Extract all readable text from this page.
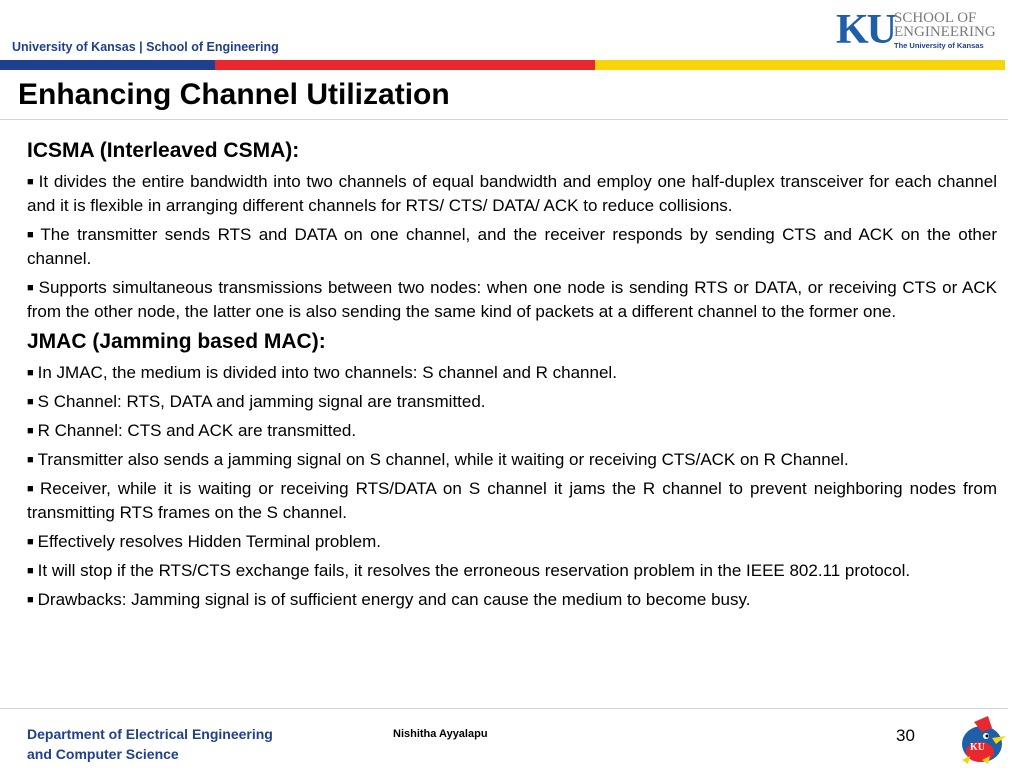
University of Kansas | School of Engineering	KU SCHOOL OF
ENGINEERING
The University of Kansas
Enhancing Channel Utilization
ICSMA (Interleaved CSMA):

■ It divides the entire bandwidth into two channels of equal bandwidth and employ one half-duplex transceiver for each channel and it is flexible in arranging different channels for RTS/ CTS/ DATA/ ACK to reduce collisions.

■ The transmitter sends RTS and DATA on one channel, and the receiver responds by sending CTS and ACK on the other channel.

■ Supports simultaneous transmissions between two nodes: when one node is sending RTS or DATA, or receiving CTS or ACK from the other node, the latter one is also sending the same kind of packets at a different channel to the former one.

JMAC (Jamming based MAC):

■ In JMAC, the medium is divided into two channels: S channel and R channel.

■ S Channel: RTS, DATA and jamming signal are transmitted.

■ R Channel: CTS and ACK are transmitted.

■ Transmitter also sends a jamming signal on S channel, while it waiting or receiving CTS/ACK on R Channel.

■ Receiver, while it is waiting or receiving RTS/DATA on S channel it jams the R channel to prevent neighboring nodes from transmitting RTS frames on the S channel.

■ Effectively resolves Hidden Terminal problem.

■ It will stop if the RTS/CTS exchange fails, it resolves the erroneous reservation problem in the IEEE 802.11 protocol.

■ Drawbacks: Jamming signal is of sufficient energy and can cause the medium to become busy.

Department of Electrical Engineering
and Computer Science
Nishitha Ayyalapu	30
KU
